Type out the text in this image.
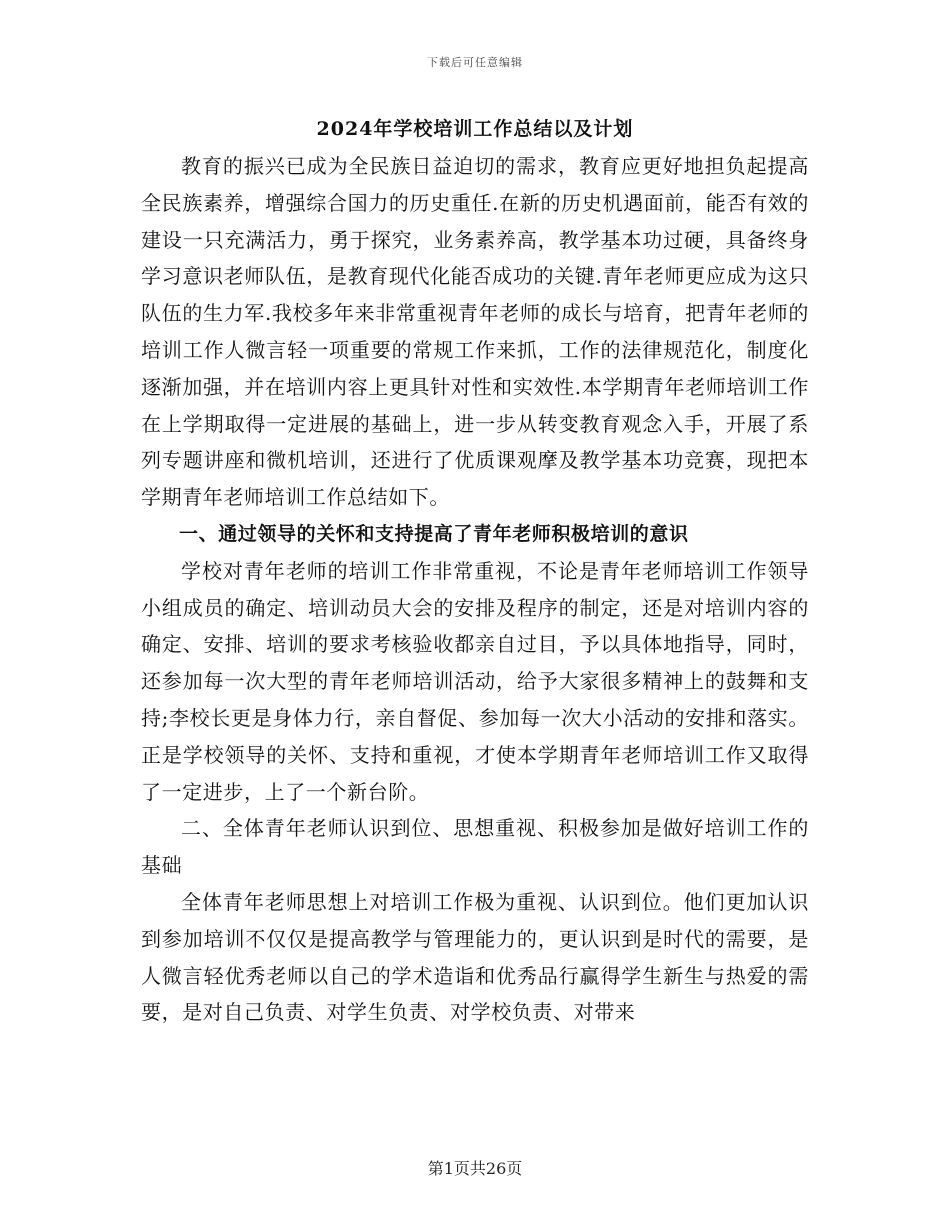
下载后可任意编辑
2024年学校培训工作总结以及计划

教育的振兴已成为全民族日益迫切的需求，教育应更好地担负起提高全民族素养，增强综合国力的历史重任.在新的历史机遇面前，能否有效的建设一只充满活力，勇于探究，业务素养高，教学基本功过硬，具备终身学习意识老师队伍，是教育现代化能否成功的关键.青年老师更应成为这只队伍的生力军.我校多年来非常重视青年老师的成长与培育，把青年老师的培训工作人微言轻一项重要的常规工作来抓，工作的法律规范化，制度化逐渐加强，并在培训内容上更具针对性和实效性.本学期青年老师培训工作在上学期取得一定进展的基础上，进一步从转变教育观念入手，开展了系列专题讲座和微机培训，还进行了优质课观摩及教学基本功竞赛，现把本学期青年老师培训工作总结如下。

一、通过领导的关怀和支持提高了青年老师积极培训的意识

学校对青年老师的培训工作非常重视，不论是青年老师培训工作领导小组成员的确定、培训动员大会的安排及程序的制定，还是对培训内容的确定、安排、培训的要求考核验收都亲自过目，予以具体地指导，同时，还参加每一次大型的青年老师培训活动，给予大家很多精神上的鼓舞和支持;李校长更是身体力行，亲自督促、参加每一次大小活动的安排和落实。正是学校领导的关怀、支持和重视，才使本学期青年老师培训工作又取得了一定进步，上了一个新台阶。

二、全体青年老师认识到位、思想重视、积极参加是做好培训工作的基础

全体青年老师思想上对培训工作极为重视、认识到位。他们更加认识到参加培训不仅仅是提高教学与管理能力的，更认识到是时代的需要，是人微言轻优秀老师以自己的学术造诣和优秀品行赢得学生新生与热爱的需要，是对自己负责、对学生负责、对学校负责、对带来

第1页共26页
